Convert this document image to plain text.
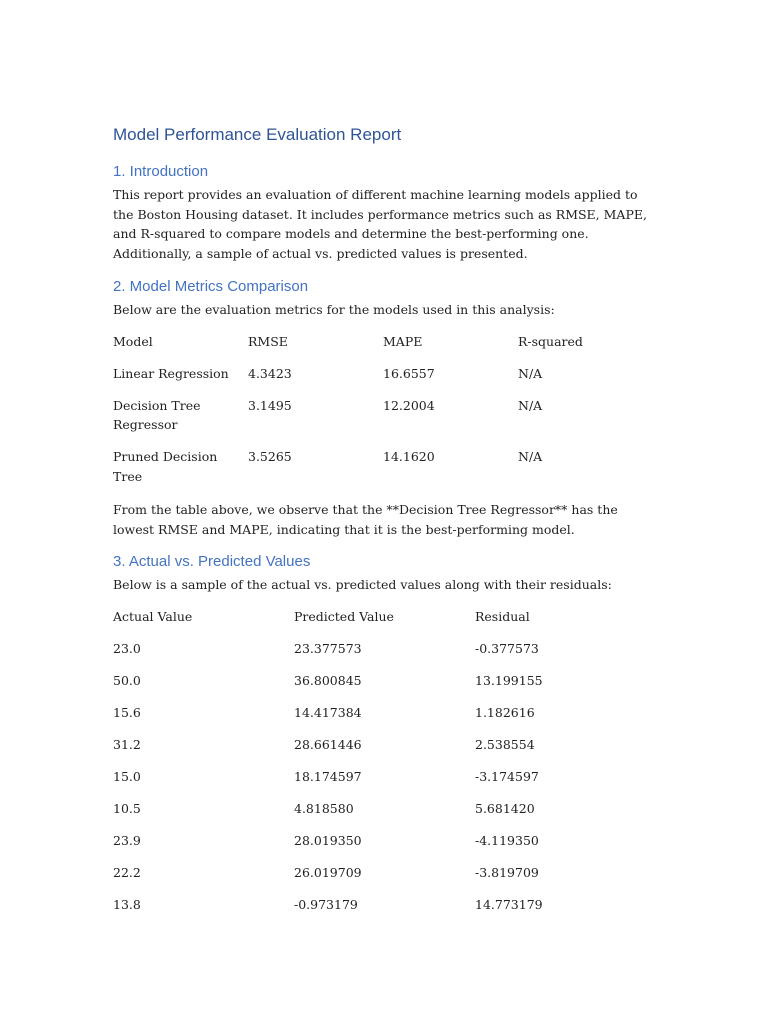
Model Performance Evaluation Report
1. Introduction

This report provides an evaluation of different machine learning models applied to the Boston Housing dataset. It includes performance metrics such as RMSE, MAPE, and R-squared to compare models and determine the best-performing one. Additionally, a sample of actual vs. predicted values is presented.

2. Model Metrics Comparison

Below are the evaluation metrics for the models used in this analysis:

Model	RMSE	MAPE	R-squared
Linear Regression	4.3423	16.6557	N/A
Decision Tree Regressor	3.1495	12.2004	N/A
Pruned Decision Tree	3.5265	14.1620	N/A

From the table above, we observe that the **Decision Tree Regressor** has the lowest RMSE and MAPE, indicating that it is the best-performing model.

3. Actual vs. Predicted Values

Below is a sample of the actual vs. predicted values along with their residuals:

Actual Value	Predicted Value	Residual
23.0	23.377573	-0.377573
50.0	36.800845	13.199155
15.6	14.417384	1.182616
31.2	28.661446	2.538554
15.0	18.174597	-3.174597
10.5	4.818580	5.681420
23.9	28.019350	-4.119350
22.2	26.019709	-3.819709
13.8	-0.973179	14.773179
